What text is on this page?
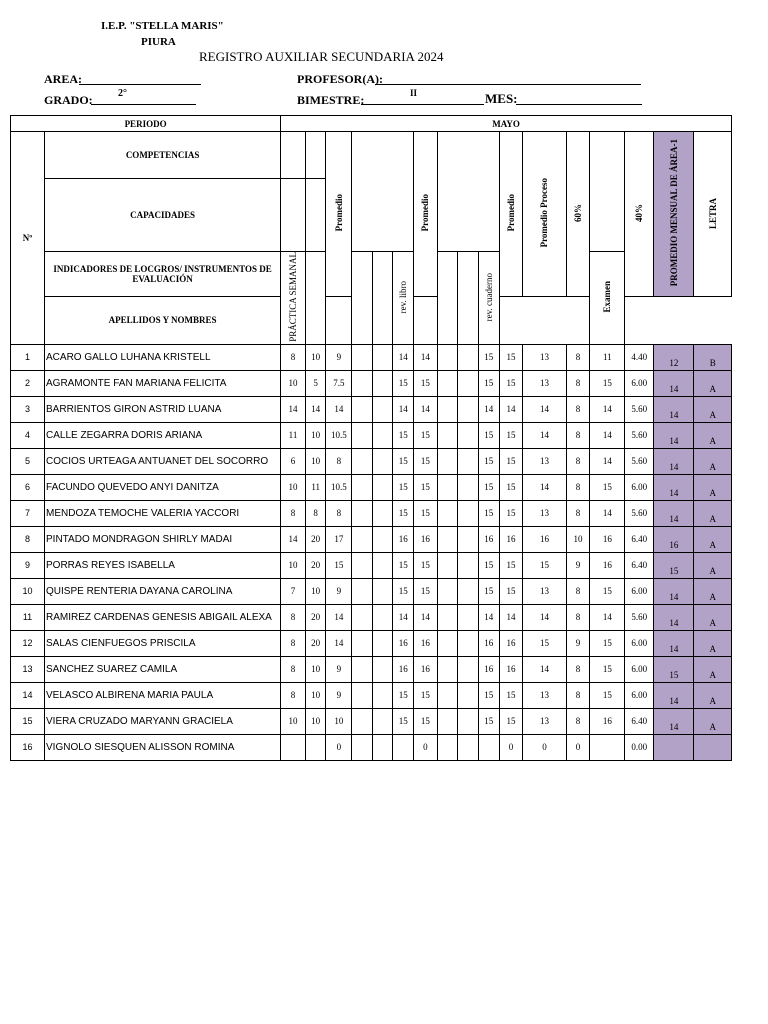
I.E.P. "STELLA MARIS"
PIURA
REGISTRO AUXILIAR SECUNDARIA 2024
AREA:	PROFESOR(A):
GRADO:	2°	BIMESTRE:	II	MES:
PERIODO		MAYO																
Nº	COMPETENCIAS			Promedio				Promedio				Promedio	Promedio Proceso	60%		40%	PROMEDIO MENSUAL DE ÁREA-1	LETRA
	CAPACIDADES																	
	INDICADORES DE LOCGROS/ INSTRUMENTOS DE EVALUACIÓN	PRÁCTICA SEMANAL					rev. libro				rev. cuaderno				Examen			
	APELLIDOS Y NOMBRES																	
1	ACARO GALLO LUHANA KRISTELL	8	10	9			14	14			15	15	13	8	11	4.40	12	B
2	AGRAMONTE FAN MARIANA FELICITA	10	5	7.5			15	15			15	15	13	8	15	6.00	14	A
3	BARRIENTOS GIRON ASTRID LUANA	14	14	14			14	14			14	14	14	8	14	5.60	14	A
4	CALLE ZEGARRA DORIS ARIANA	11	10	10.5			15	15			15	15	14	8	14	5.60	14	A
5	COCIOS URTEAGA ANTUANET DEL SOCORRO	6	10	8			15	15			15	15	13	8	14	5.60	14	A
6	FACUNDO QUEVEDO ANYI DANITZA	10	11	10.5			15	15			15	15	14	8	15	6.00	14	A
7	MENDOZA TEMOCHE VALERIA YACCORI	8	8	8			15	15			15	15	13	8	14	5.60	14	A
8	PINTADO MONDRAGON SHIRLY MADAI	14	20	17			16	16			16	16	16	10	16	6.40	16	A
9	PORRAS REYES ISABELLA	10	20	15			15	15			15	15	15	9	16	6.40	15	A
10	QUISPE RENTERIA DAYANA CAROLINA	7	10	9			15	15			15	15	13	8	15	6.00	14	A
11	RAMIREZ CARDENAS GENESIS ABIGAIL ALEXA	8	20	14			14	14			14	14	14	8	14	5.60	14	A
12	SALAS CIENFUEGOS PRISCILA	8	20	14			16	16			16	16	15	9	15	6.00	14	A
13	SANCHEZ SUAREZ CAMILA	8	10	9			16	16			16	16	14	8	15	6.00	15	A
14	VELASCO ALBIRENA MARIA PAULA	8	10	9			15	15			15	15	13	8	15	6.00	14	A
15	VIERA CRUZADO MARYANN GRACIELA	10	10	10			15	15			15	15	13	8	16	6.40	14	A
16	VIGNOLO SIESQUEN ALISSON ROMINA			0				0				0	0	0		0.00		
